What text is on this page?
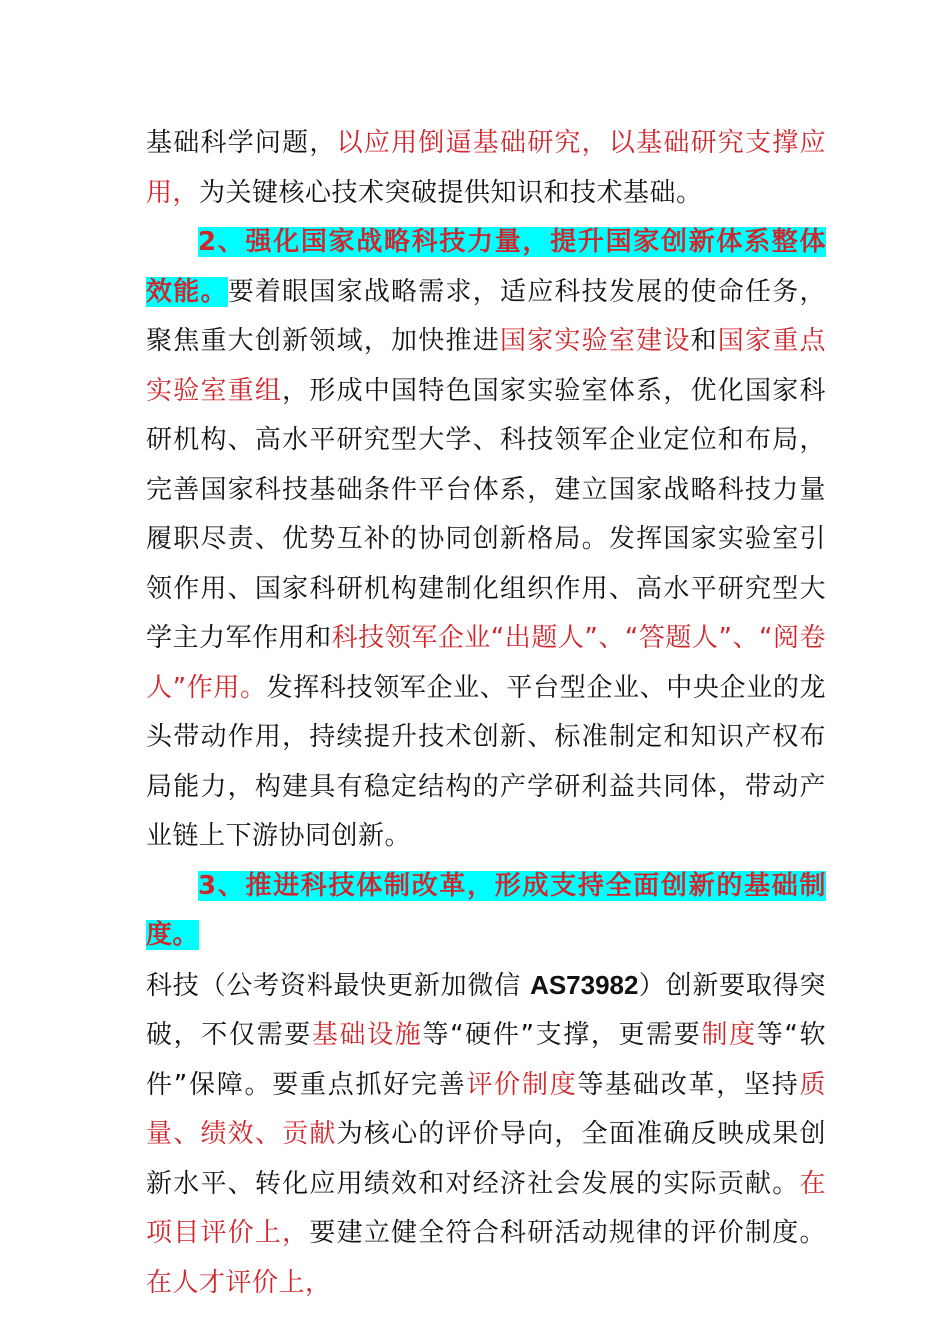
基础科学问题，以应用倒逼基础研究，以基础研究支撑应用，为关键核心技术突破提供知识和技术基础。

2、强化国家战略科技力量，提升国家创新体系整体效能。要着眼国家战略需求，适应科技发展的使命任务，聚焦重大创新领域，加快推进国家实验室建设和国家重点实验室重组，形成中国特色国家实验室体系，优化国家科研机构、高水平研究型大学、科技领军企业定位和布局，完善国家科技基础条件平台体系，建立国家战略科技力量履职尽责、优势互补的协同创新格局。发挥国家实验室引领作用、国家科研机构建制化组织作用、高水平研究型大学主力军作用和科技领军企业“出题人”、“答题人”、“阅卷人”作用。发挥科技领军企业、平台型企业、中央企业的龙头带动作用，持续提升技术创新、标准制定和知识产权布局能力，构建具有稳定结构的产学研利益共同体，带动产业链上下游协同创新。

3、推进科技体制改革，形成支持全面创新的基础制度。

科技（公考资料最快更新加微信 AS73982）创新要取得突破，不仅需要基础设施等“硬件”支撑，更需要制度等“软件”保障。要重点抓好完善评价制度等基础改革，坚持质量、绩效、贡献为核心的评价导向，全面准确反映成果创新水平、转化应用绩效和对经济社会发展的实际贡献。在项目评价上，要建立健全符合科研活动规律的评价制度。在人才评价上，
